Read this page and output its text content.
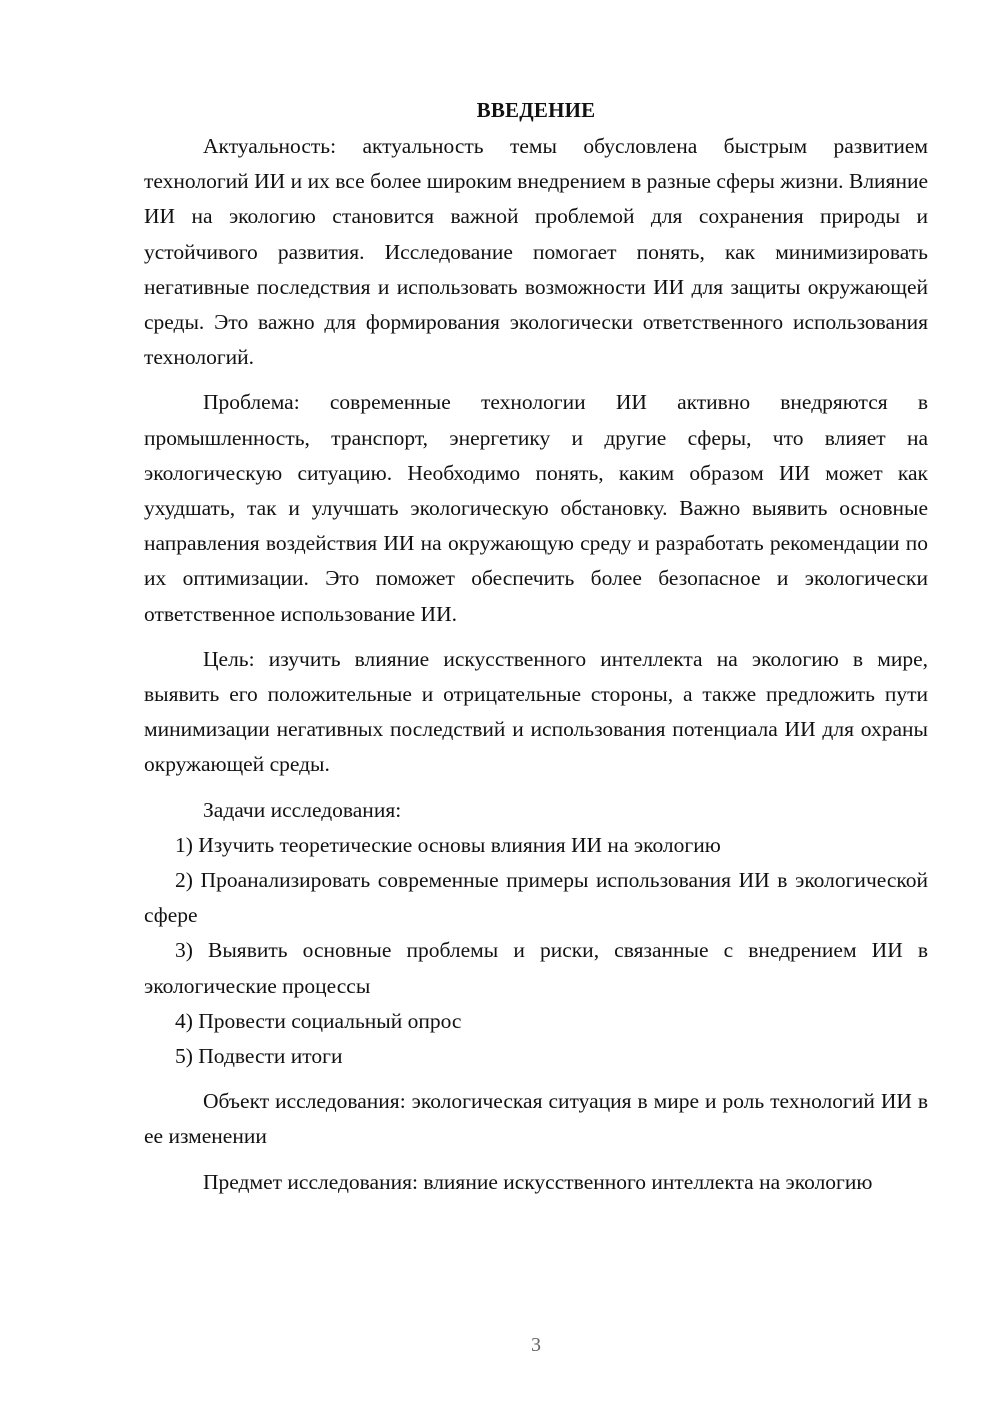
ВВЕДЕНИЕ

Актуальность: актуальность темы обусловлена быстрым развитием технологий ИИ и их все более широким внедрением в разные сферы жизни. Влияние ИИ на экологию становится важной проблемой для сохранения природы и устойчивого развития. Исследование помогает понять, как минимизировать негативные последствия и использовать возможности ИИ для защиты окружающей среды. Это важно для формирования экологически ответственного использования технологий.

Проблема: современные технологии ИИ активно внедряются в промышленность, транспорт, энергетику и другие сферы, что влияет на экологическую ситуацию. Необходимо понять, каким образом ИИ может как ухудшать, так и улучшать экологическую обстановку. Важно выявить основные направления воздействия ИИ на окружающую среду и разработать рекомендации по их оптимизации. Это поможет обеспечить более безопасное и экологически ответственное использование ИИ.

Цель: изучить влияние искусственного интеллекта на экологию в мире, выявить его положительные и отрицательные стороны, а также предложить пути минимизации негативных последствий и использования потенциала ИИ для охраны окружающей среды.

Задачи исследования:

1) Изучить теоретические основы влияния ИИ на экологию

2) Проанализировать современные примеры использования ИИ в экологической сфере

3) Выявить основные проблемы и риски, связанные с внедрением ИИ в экологические процессы

4) Провести социальный опрос

5) Подвести итоги

Объект исследования: экологическая ситуация в мире и роль технологий ИИ в ее изменении

Предмет исследования: влияние искусственного интеллекта на экологию

3
